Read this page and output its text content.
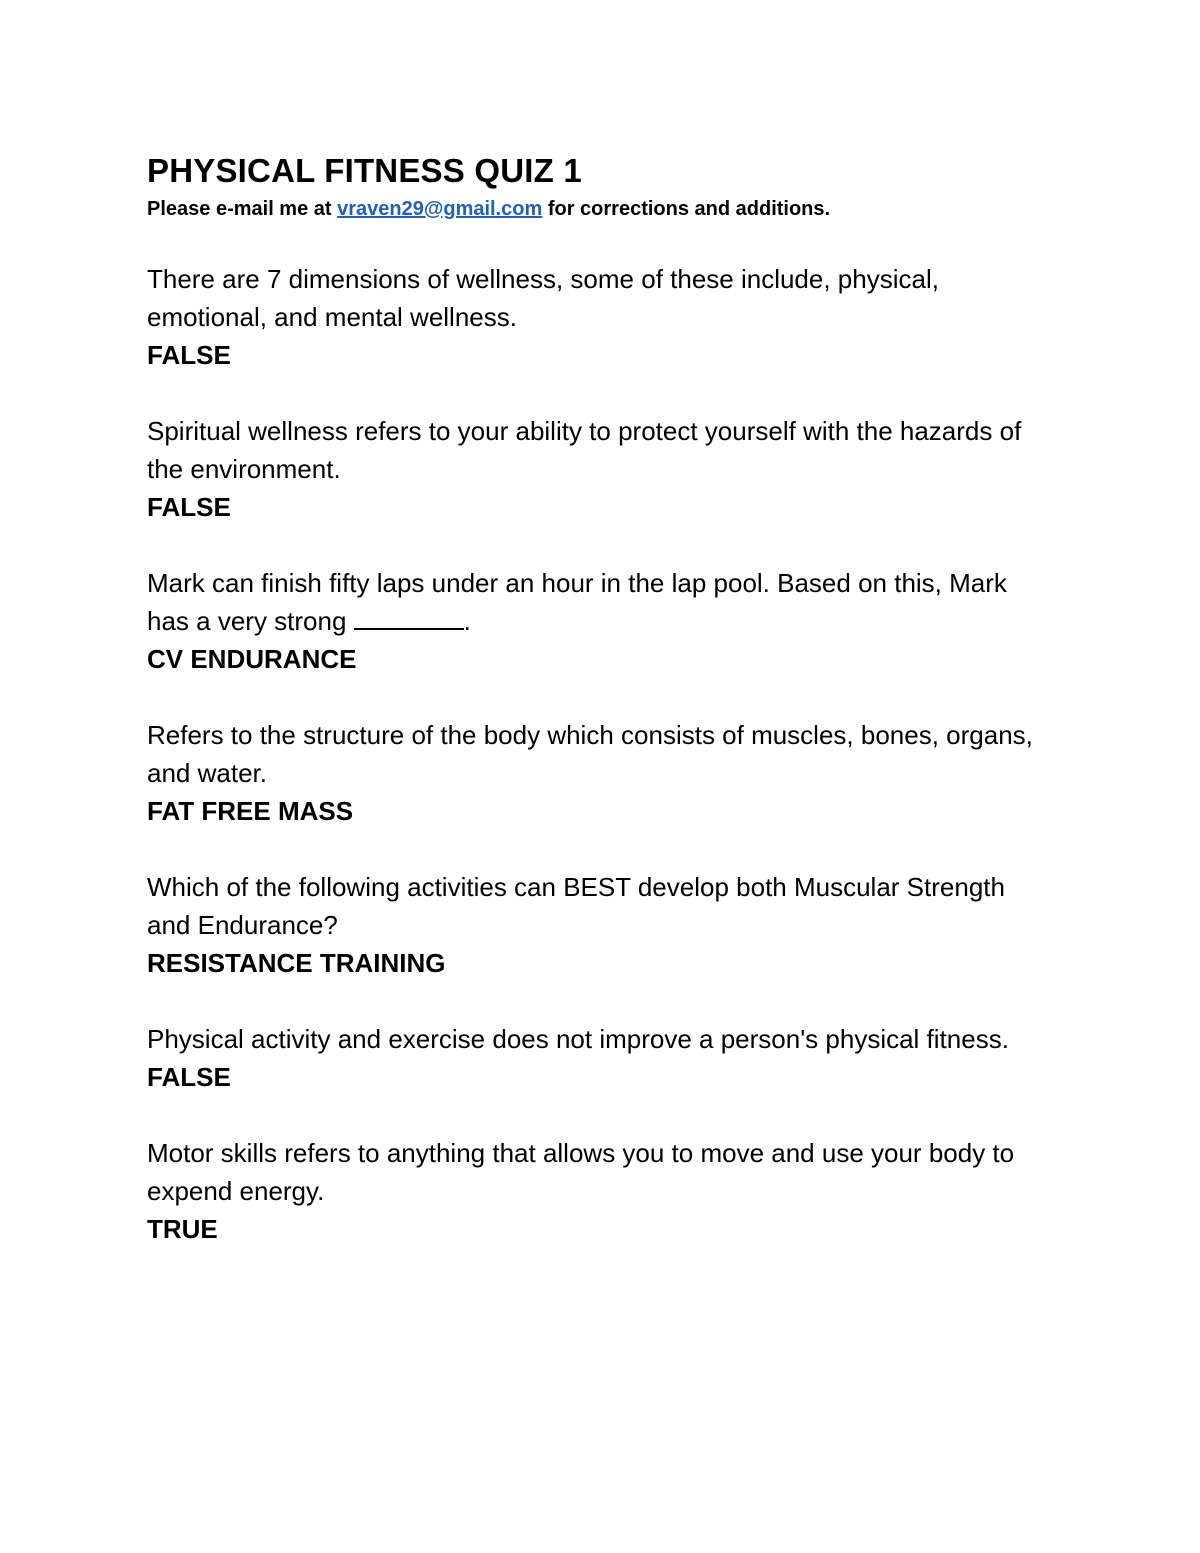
PHYSICAL FITNESS QUIZ 1

Please e-mail me at vraven29@gmail.com for corrections and additions.

There are 7 dimensions of wellness, some of these include, physical, emotional, and mental wellness.

FALSE

Spiritual wellness refers to your ability to protect yourself with the hazards of the environment.

FALSE

Mark can finish fifty laps under an hour in the lap pool. Based on this, Mark has a very strong	.

CV ENDURANCE

Refers to the structure of the body which consists of muscles, bones, organs, and water.

FAT FREE MASS

Which of the following activities can BEST develop both Muscular Strength and Endurance?

RESISTANCE TRAINING

Physical activity and exercise does not improve a person's physical fitness.

FALSE

Motor skills refers to anything that allows you to move and use your body to expend energy.

TRUE
